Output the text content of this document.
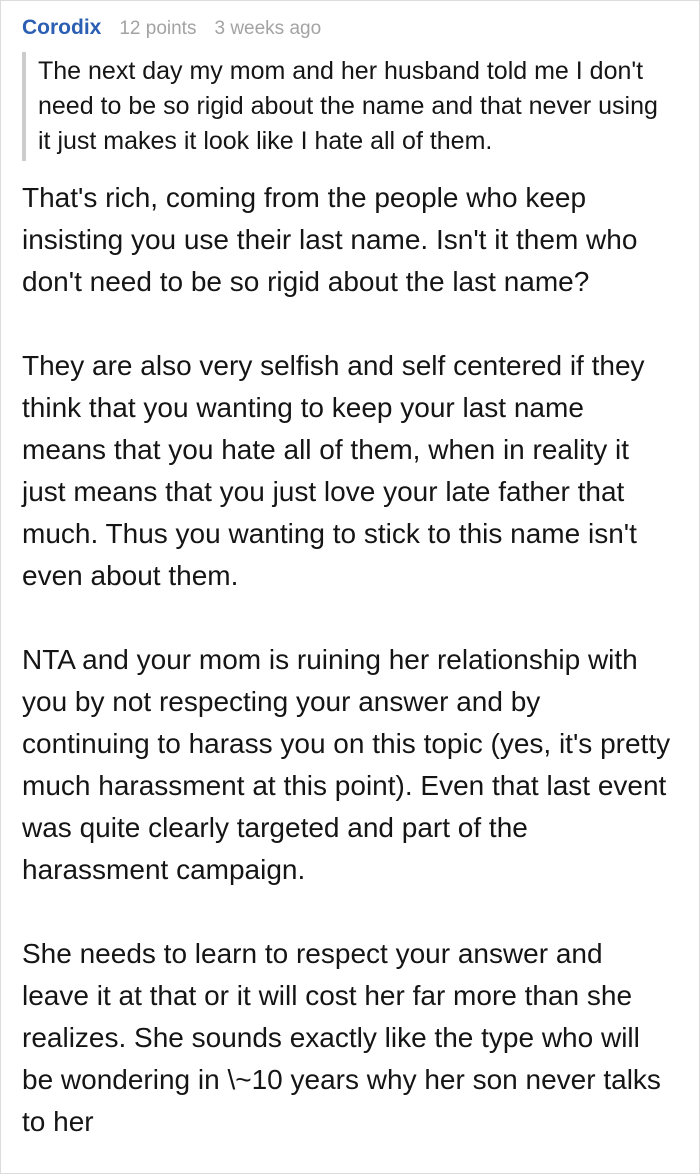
Corodix 12 points 3 weeks ago
The next day my mom and her husband told me I don't need to be so rigid about the name and that never using it just makes it look like I hate all of them.

That's rich, coming from the people who keep insisting you use their last name. Isn't it them who don't need to be so rigid about the last name?

They are also very selfish and self centered if they think that you wanting to keep your last name means that you hate all of them, when in reality it just means that you just love your late father that much. Thus you wanting to stick to this name isn't even about them.

NTA and your mom is ruining her relationship with you by not respecting your answer and by continuing to harass you on this topic (yes, it's pretty much harassment at this point). Even that last event was quite clearly targeted and part of the harassment campaign.

She needs to learn to respect your answer and leave it at that or it will cost her far more than she realizes. She sounds exactly like the type who will be wondering in \~10 years why her son never talks to her
